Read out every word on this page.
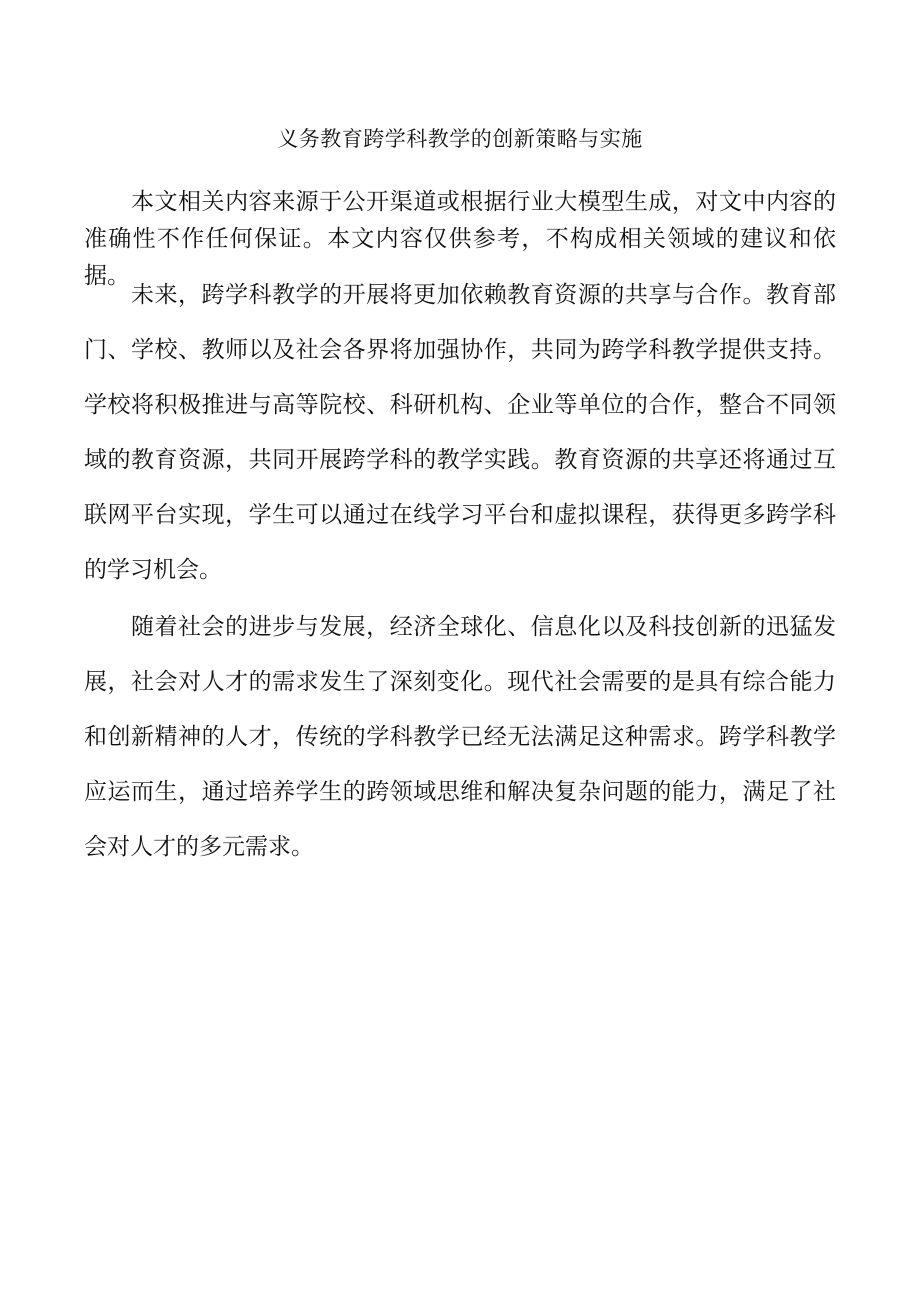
义务教育跨学科教学的创新策略与实施

本文相关内容来源于公开渠道或根据行业大模型生成，对文中内容的准确性不作任何保证。本文内容仅供参考，不构成相关领域的建议和依据。

未来，跨学科教学的开展将更加依赖教育资源的共享与合作。教育部门、学校、教师以及社会各界将加强协作，共同为跨学科教学提供支持。学校将积极推进与高等院校、科研机构、企业等单位的合作，整合不同领域的教育资源，共同开展跨学科的教学实践。教育资源的共享还将通过互联网平台实现，学生可以通过在线学习平台和虚拟课程，获得更多跨学科的学习机会。

随着社会的进步与发展，经济全球化、信息化以及科技创新的迅猛发展，社会对人才的需求发生了深刻变化。现代社会需要的是具有综合能力和创新精神的人才，传统的学科教学已经无法满足这种需求。跨学科教学应运而生，通过培养学生的跨领域思维和解决复杂问题的能力，满足了社会对人才的多元需求。
